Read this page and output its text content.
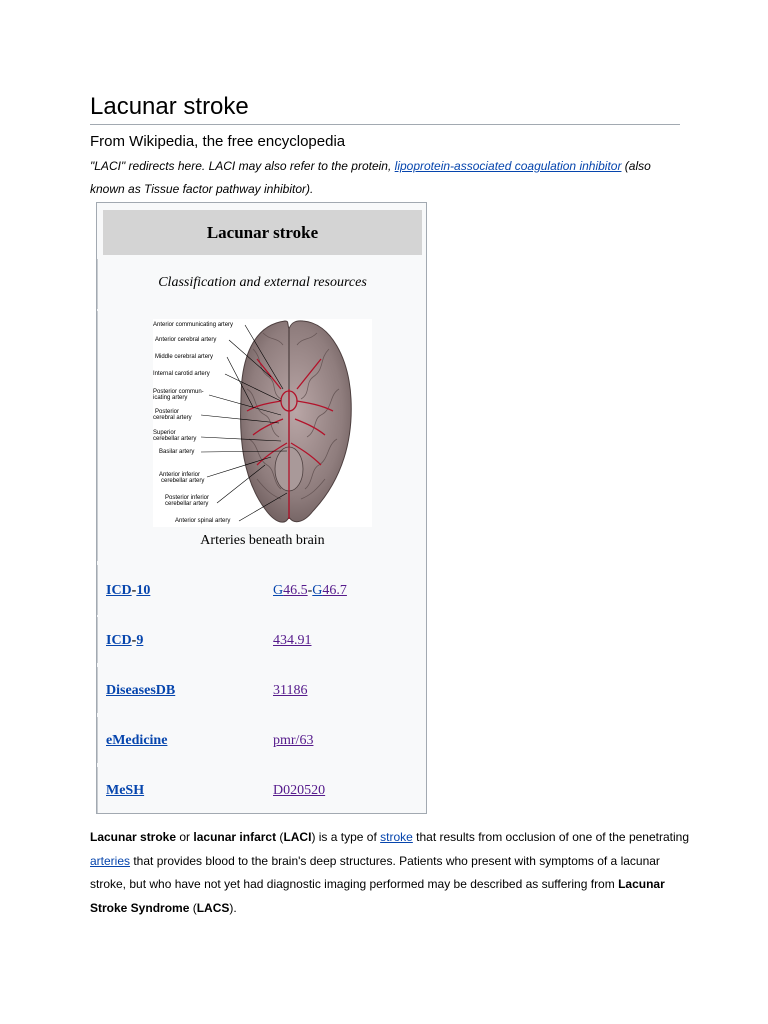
Lacunar stroke
From Wikipedia, the free encyclopedia
"LACI" redirects here. LACI may also refer to the protein, lipoprotein-associated coagulation inhibitor (also known as Tissue factor pathway inhibitor).
Lacunar stroke
Classification and external resources
Anterior communicating artery
Anterior cerebral artery
Middle cerebral artery
Internal carotid artery
Posterior commun-
icating artery
Posterior
cerebral artery
Superior
cerebellar artery
Basilar artery
Anterior inferior
cerebellar artery
Posterior inferior
cerebellar artery
Anterior spinal artery
Arteries beneath brain
ICD-10	G46.5-G46.7
ICD-9	434.91
DiseasesDB	31186
eMedicine	pmr/63
MeSH	D020520
Lacunar stroke or lacunar infarct (LACI) is a type of stroke that results from occlusion of one of the penetrating arteries that provides blood to the brain's deep structures. Patients who present with symptoms of a lacunar stroke, but who have not yet had diagnostic imaging performed may be described as suffering from Lacunar Stroke Syndrome (LACS).
